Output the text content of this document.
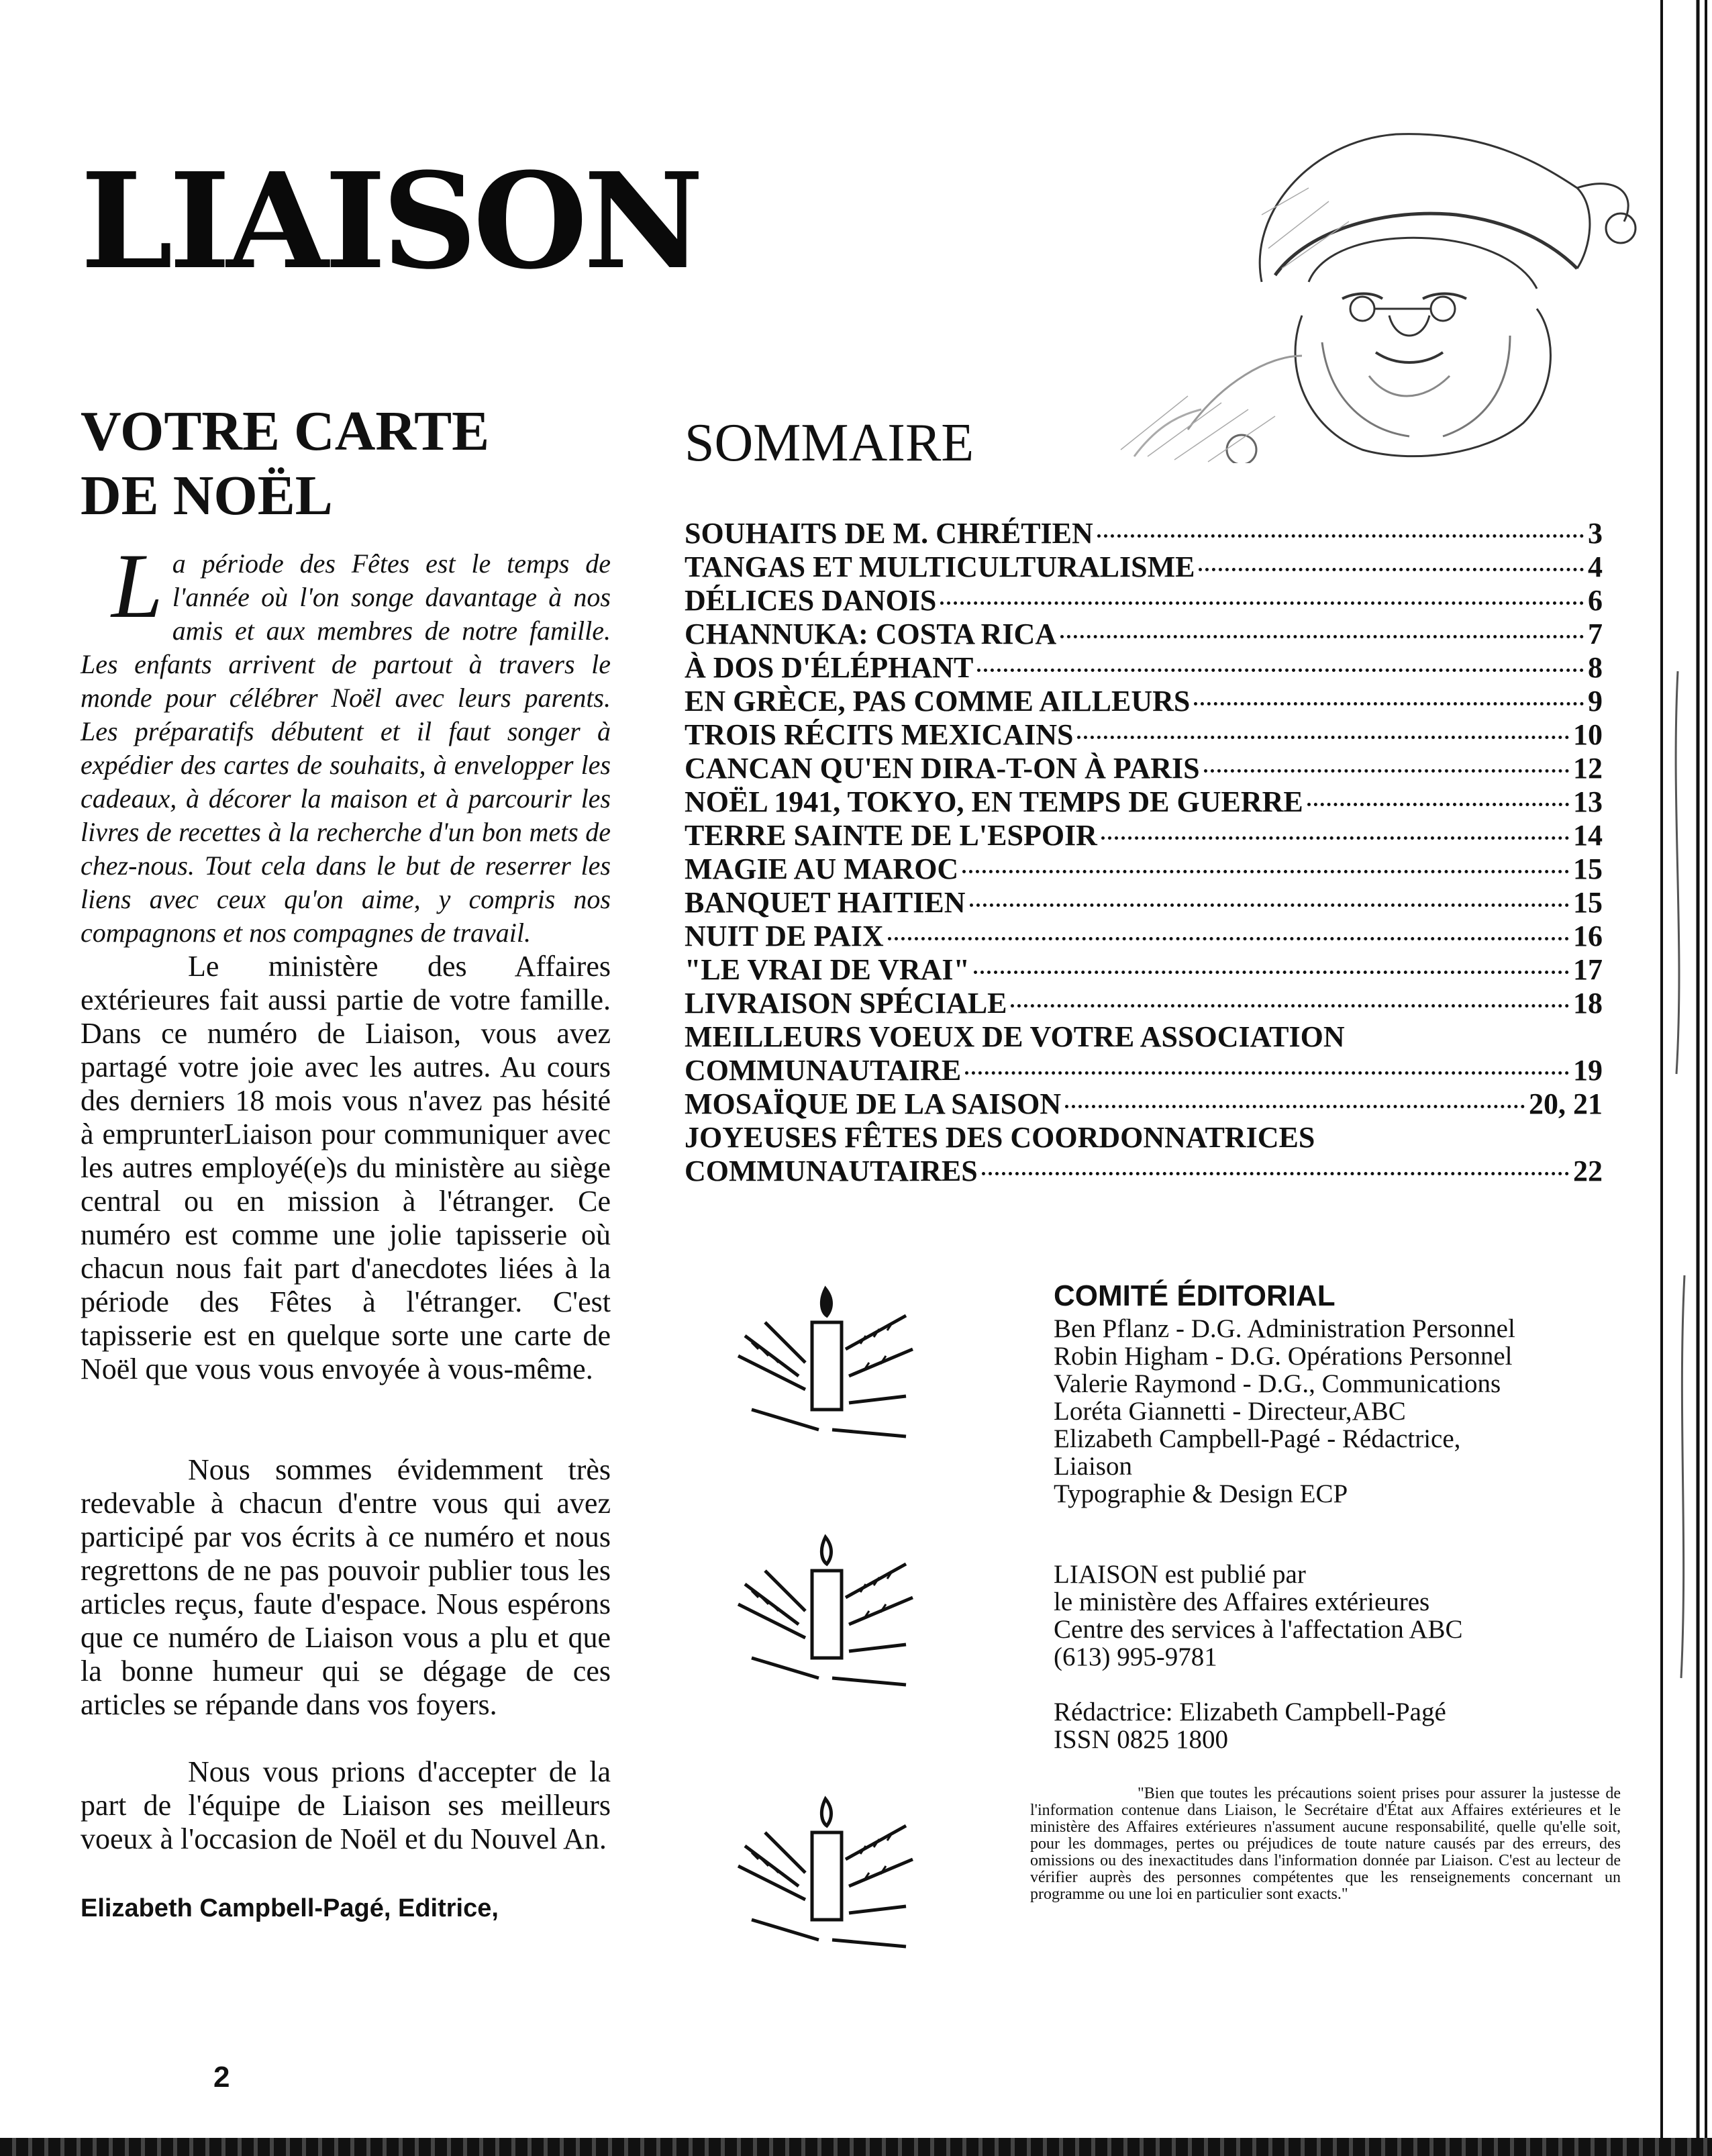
LIAISON
VOTRE CARTE
DE NOËL

La période des Fêtes est le temps de l'année où l'on songe davantage à nos amis et aux membres de notre famille. Les enfants arrivent de partout à travers le monde pour célébrer Noël avec leurs parents. Les préparatifs débutent et il faut songer à expédier des cartes de souhaits, à envelopper les cadeaux, à décorer la maison et à parcourir les livres de recettes à la recherche d'un bon mets de chez-nous. Tout cela dans le but de reserrer les liens avec ceux qu'on aime, y compris nos compagnons et nos compagnes de travail.

Le ministère des Affaires extérieures fait aussi partie de votre famille. Dans ce numéro de Liaison, vous avez partagé votre joie avec les autres. Au cours des derniers 18 mois vous n'avez pas hésité à emprunterLiaison pour communiquer avec les autres employé(e)s du ministère au siège central ou en mission à l'étranger. Ce numéro est comme une jolie tapisserie où chacun nous fait part d'anecdotes liées à la période des Fêtes à l'étranger. C'est tapisserie est en quelque sorte une carte de Noël que vous vous envoyée à vous-même.

Nous sommes évidemment très redevable à chacun d'entre vous qui avez participé par vos écrits à ce numéro et nous regrettons de ne pas pouvoir publier tous les articles reçus, faute d'espace. Nous espérons que ce numéro de Liaison vous a plu et que la bonne humeur qui se dégage de ces articles se répande dans vos foyers.

Nous vous prions d'accepter de la part de l'équipe de Liaison ses meilleurs voeux à l'occasion de Noël et du Nouvel An.

Elizabeth Campbell-Pagé, Editrice,
SOMMAIRE
SOUHAITS DE M. CHRÉTIEN	3
TANGAS ET MULTICULTURALISME	4
DÉLICES DANOIS	6
CHANNUKA: COSTA RICA	7
À DOS D'ÉLÉPHANT	8
EN GRÈCE, PAS COMME AILLEURS	9
TROIS RÉCITS MEXICAINS	10
CANCAN QU'EN DIRA-T-ON À PARIS	12
NOËL 1941, TOKYO, EN TEMPS DE GUERRE	13
TERRE SAINTE DE L'ESPOIR	14
MAGIE AU MAROC	15
BANQUET HAITIEN	15
NUIT DE PAIX	16
"LE VRAI DE VRAI"	17
LIVRAISON SPÉCIALE	18
MEILLEURS VOEUX DE VOTRE ASSOCIATION
COMMUNAUTAIRE	19
MOSAÏQUE DE LA SAISON	20, 21
JOYEUSES FÊTES DES COORDONNATRICES
COMMUNAUTAIRES	22
COMITÉ ÉDITORIAL
Ben Pflanz - D.G. Administration Personnel
Robin Higham - D.G. Opérations Personnel
Valerie Raymond - D.G., Communications
Loréta Giannetti - Directeur,ABC
Elizabeth Campbell-Pagé - Rédactrice,
Liaison
Typographie & Design ECP
LIAISON est publié par
le ministère des Affaires extérieures
Centre des services à l'affectation ABC
(613) 995-9781
Rédactrice: Elizabeth Campbell-Pagé
ISSN 0825 1800
"Bien que toutes les précautions soient prises pour assurer la justesse de l'information contenue dans Liaison, le Secrétaire d'État aux Affaires extérieures et le ministère des Affaires extérieures n'assument aucune responsabilité, quelle qu'elle soit, pour les dommages, pertes ou préjudices de toute nature causés par des erreurs, des omissions ou des inexactitudes dans l'information donnée par Liaison. C'est au lecteur de vérifier auprès des personnes compétentes que les renseignements concernant un programme ou une loi en particulier sont exacts."
2
